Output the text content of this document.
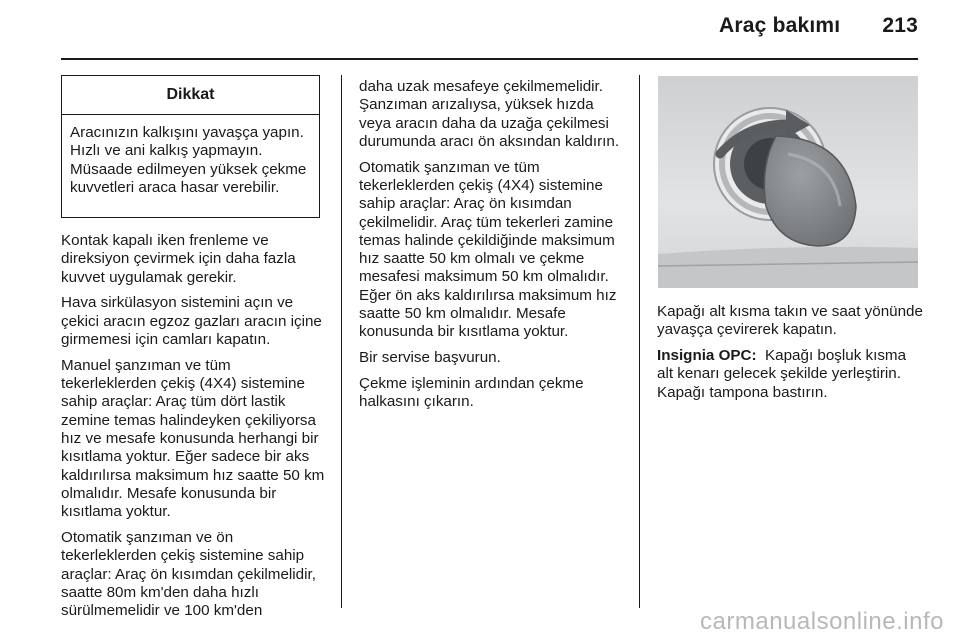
Araç bakımı 213
Dikkat
Aracınızın kalkışını yavaşça yapın. Hızlı ve ani kalkış yapmayın. Müsaade edilmeyen yüksek çekme kuvvetleri araca hasar verebilir.

Kontak kapalı iken frenleme ve direksiyon çevirmek için daha fazla kuvvet uygulamak gerekir.

Hava sirkülasyon sistemini açın ve çekici aracın egzoz gazları aracın içine girmemesi için camları kapatın.

Manuel şanzıman ve tüm tekerleklerden çekiş (4X4) sistemine sahip araçlar: Araç tüm dört lastik zemine temas halindeyken çekiliyorsa hız ve mesafe konusunda herhangi bir kısıtlama yoktur. Eğer sadece bir aks kaldırılırsa maksimum hız saatte 50 km olmalıdır. Mesafe konusunda bir kısıtlama yoktur.

Otomatik şanzıman ve ön tekerleklerden çekiş sistemine sahip araçlar: Araç ön kısımdan çekilmelidir, saatte 80m km'den daha hızlı sürülmemelidir ve 100 km'den

daha uzak mesafeye çekilmemelidir. Şanzıman arızalıysa, yüksek hızda veya aracın daha da uzağa çekilmesi durumunda aracı ön aksından kaldırın.

Otomatik şanzıman ve tüm tekerleklerden çekiş (4X4) sistemine sahip araçlar: Araç ön kısımdan çekilmelidir. Araç tüm tekerleri zamine temas halinde çekildiğinde maksimum hız saatte 50 km olmalı ve çekme mesafesi maksimum 50 km olmalıdır. Eğer ön aks kaldırılırsa maksimum hız saatte 50 km olmalıdır. Mesafe konusunda bir kısıtlama yoktur.

Bir servise başvurun.

Çekme işleminin ardından çekme halkasını çıkarın.

Kapağı alt kısma takın ve saat yönünde yavaşça çevirerek kapatın.

Insignia OPC: Kapağı boşluk kısma alt kenarı gelecek şekilde yerleştirin. Kapağı tampona bastırın.

carmanualsonline.info
